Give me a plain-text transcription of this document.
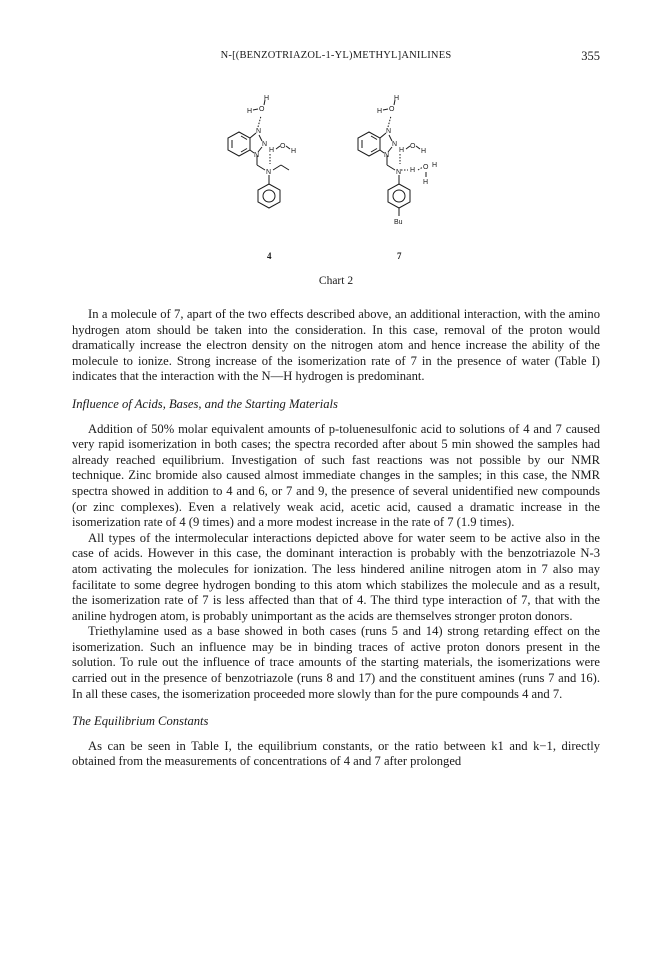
N-[(BENZOTRIAZOL-1-YL)METHYL]ANILINES	355
N
N
N
N
H O
H
H
O
H
N
N
N
N
H O
H
H
O
H
H O H
H
Bu
4	7
Chart 2

In a molecule of 7, apart of the two effects described above, an additional interaction, with the amino hydrogen atom should be taken into the consideration. In this case, removal of the proton would dramatically increase the electron density on the nitrogen atom and hence increase the ability of the molecule to ionize. Strong increase of the isomerization rate of 7 in the presence of water (Table I) indicates that the interaction with the N—H hydrogen is predominant.

Influence of Acids, Bases, and the Starting Materials

Addition of 50% molar equivalent amounts of p-toluenesulfonic acid to solutions of 4 and 7 caused very rapid isomerization in both cases; the spectra recorded after about 5 min showed the samples had already reached equilibrium. Investigation of such fast reactions was not possible by our NMR technique. Zinc bromide also caused almost immediate changes in the samples; in this case, the NMR spectra showed in addition to 4 and 6, or 7 and 9, the presence of several unidentified new compounds (or zinc complexes). Even a relatively weak acid, acetic acid, caused a dramatic increase in the isomerization rate of 4 (9 times) and a more modest increase in the rate of 7 (1.9 times).

All types of the intermolecular interactions depicted above for water seem to be active also in the case of acids. However in this case, the dominant interaction is probably with the benzotriazole N-3 atom activating the molecules for ionization. The less hindered aniline nitrogen atom in 7 also may facilitate to some degree hydrogen bonding to this atom which stabilizes the molecule and as a result, the isomerization rate of 7 is less affected than that of 4. The third type interaction of 7, that with the aniline hydrogen atom, is probably unimportant as the acids are themselves stronger proton donors.

Triethylamine used as a base showed in both cases (runs 5 and 14) strong retarding effect on the isomerization. Such an influence may be in binding traces of active proton donors present in the solution. To rule out the influence of trace amounts of the starting materials, the isomerizations were carried out in the presence of benzotriazole (runs 8 and 17) and the constituent amines (runs 7 and 16). In all these cases, the isomerization proceeded more slowly than for the pure compounds 4 and 7.

The Equilibrium Constants

As can be seen in Table I, the equilibrium constants, or the ratio between k1 and k−1, directly obtained from the measurements of concentrations of 4 and 7 after prolonged
